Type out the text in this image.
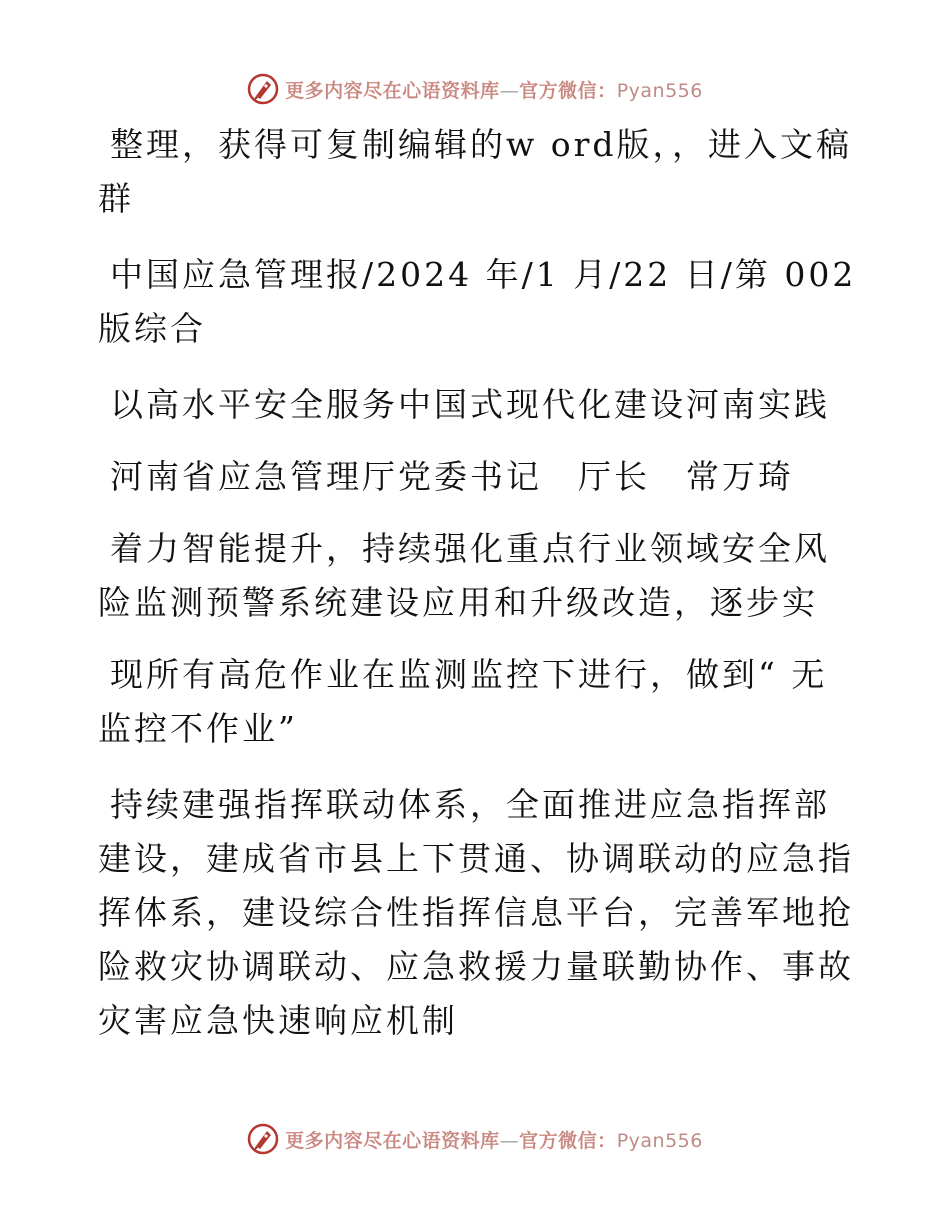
更多内容尽在心语资料库—官方微信：Pyan556

整理，获得可复制编辑的w ord版，，进入文稿群

中国应急管理报/2024 年/1 月/22 日/第 002 版综合

以高水平安全服务中国式现代化建设河南实践

河南省应急管理厅党委书记　厅长　常万琦

着力智能提升，持续强化重点行业领域安全风险监测预警系统建设应用和升级改造，逐步实

现所有高危作业在监测监控下进行，做到“ 无监控不作业”

持续建强指挥联动体系，全面推进应急指挥部建设，建成省市县上下贯通、协调联动的应急指挥体系，建设综合性指挥信息平台，完善军地抢险救灾协调联动、应急救援力量联勤协作、事故灾害应急快速响应机制

更多内容尽在心语资料库—官方微信：Pyan556
